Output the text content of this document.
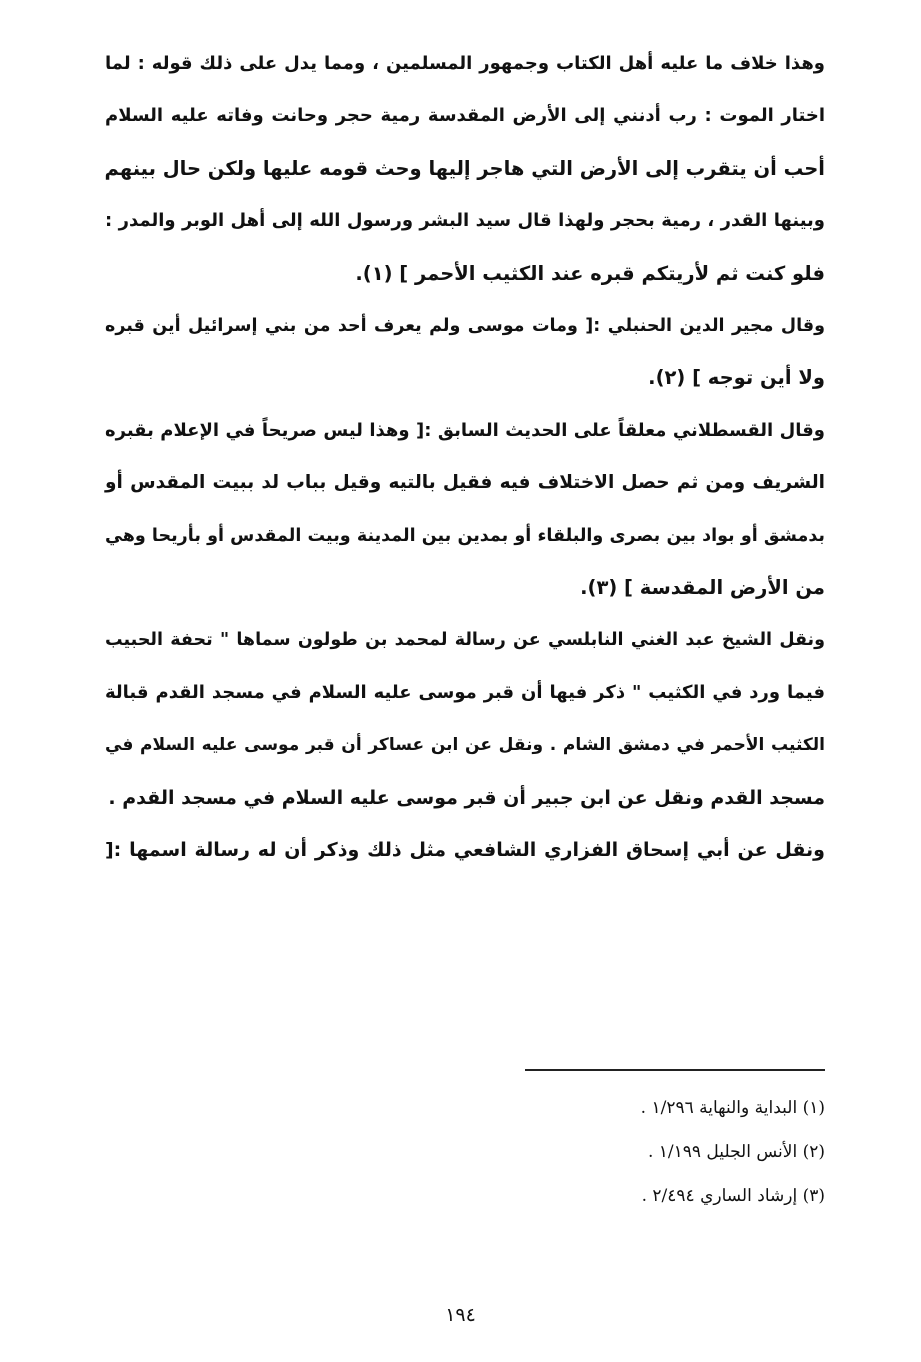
وهذا خلاف ما عليه أهل الكتاب وجمهور المسلمين ، ومما يدل على ذلك قوله : لما
اختار الموت : رب أدنني إلى الأرض المقدسة رمية حجر وحانت وفاته عليه السلام
أحب أن يتقرب إلى الأرض التي هاجر إليها وحث قومه عليها ولكن حال بينهم
وبينها القدر ، رمية بحجر ولهذا قال سيد البشر ورسول الله إلى أهل الوبر والمدر :
فلو كنت ثم لأريتكم قبره عند الكثيب الأحمر ] (١).
وقال مجير الدين الحنبلي :[ ومات موسى ولم يعرف أحد من بني إسرائيل أين قبره
ولا أين توجه ] (٢).
وقال القسطلاني معلقاً على الحديث السابق :[ وهذا ليس صريحاً في الإعلام بقبره
الشريف ومن ثم حصل الاختلاف فيه فقيل بالتيه وقيل بباب لد ببيت المقدس أو
بدمشق أو بواد بين بصرى والبلقاء أو بمدين بين المدينة وبيت المقدس أو بأريحا وهي
من الأرض المقدسة ] (٣).
ونقل الشيخ عبد الغني النابلسي عن رسالة لمحمد بن طولون سماها " تحفة الحبيب
فيما ورد في الكثيب " ذكر فيها أن قبر موسى عليه السلام في مسجد القدم قبالة
الكثيب الأحمر في دمشق الشام . ونقل عن ابن عساكر أن قبر موسى عليه السلام في
مسجد القدم ونقل عن ابن جبير أن قبر موسى عليه السلام في مسجد القدم .
ونقل عن أبي إسحاق الفزاري الشافعي مثل ذلك وذكر أن له رسالة اسمها :[
(١) البداية والنهاية ١/٢٩٦ .
(٢) الأنس الجليل ١/١٩٩ .
(٣) إرشاد الساري ٢/٤٩٤ .
١٩٤
